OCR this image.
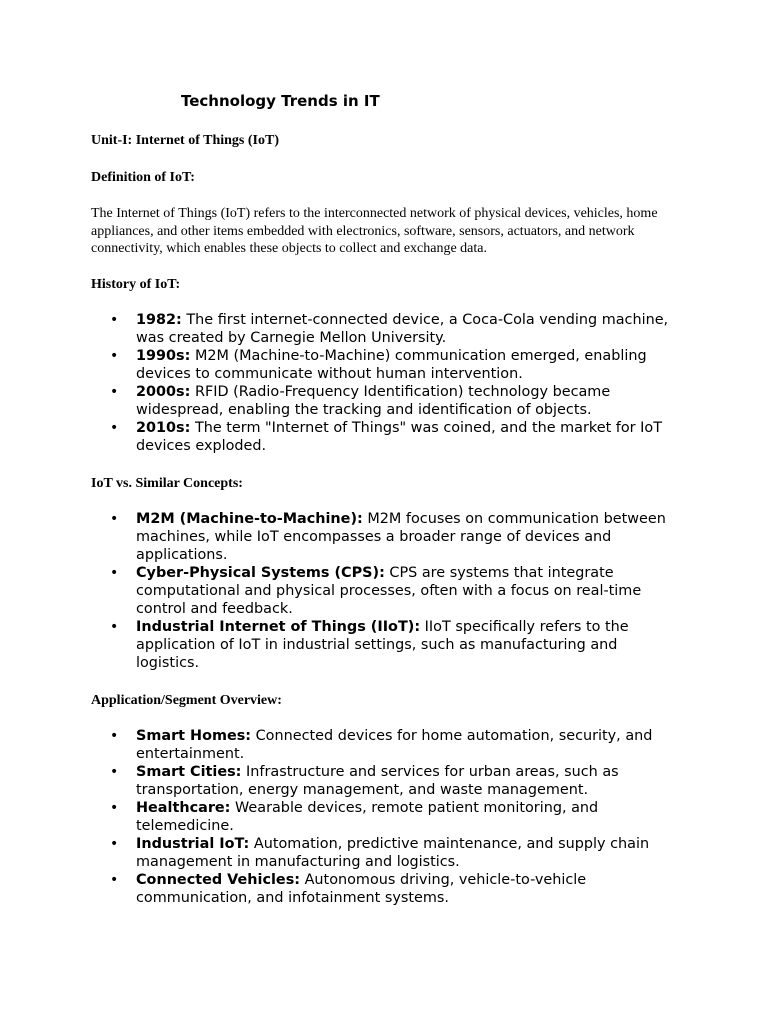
Technology Trends in IT
Unit-I: Internet of Things (IoT)
Definition of IoT:

The Internet of Things (IoT) refers to the interconnected network of physical devices, vehicles, home appliances, and other items embedded with electronics, software, sensors, actuators, and network connectivity, which enables these objects to collect and exchange data.

History of IoT:
• 1982: The first internet-connected device, a Coca-Cola vending machine, was created by Carnegie Mellon University.
• 1990s: M2M (Machine-to-Machine) communication emerged, enabling devices to communicate without human intervention.
• 2000s: RFID (Radio-Frequency Identification) technology became widespread, enabling the tracking and identification of objects.
• 2010s: The term "Internet of Things" was coined, and the market for IoT devices exploded.
IoT vs. Similar Concepts:
• M2M (Machine-to-Machine): M2M focuses on communication between machines, while IoT encompasses a broader range of devices and applications.
• Cyber-Physical Systems (CPS): CPS are systems that integrate computational and physical processes, often with a focus on real-time control and feedback.
• Industrial Internet of Things (IIoT): IIoT specifically refers to the application of IoT in industrial settings, such as manufacturing and logistics.
Application/Segment Overview:
• Smart Homes: Connected devices for home automation, security, and entertainment.
• Smart Cities: Infrastructure and services for urban areas, such as transportation, energy management, and waste management.
• Healthcare: Wearable devices, remote patient monitoring, and telemedicine.
• Industrial IoT: Automation, predictive maintenance, and supply chain management in manufacturing and logistics.
• Connected Vehicles: Autonomous driving, vehicle-to-vehicle communication, and infotainment systems.
